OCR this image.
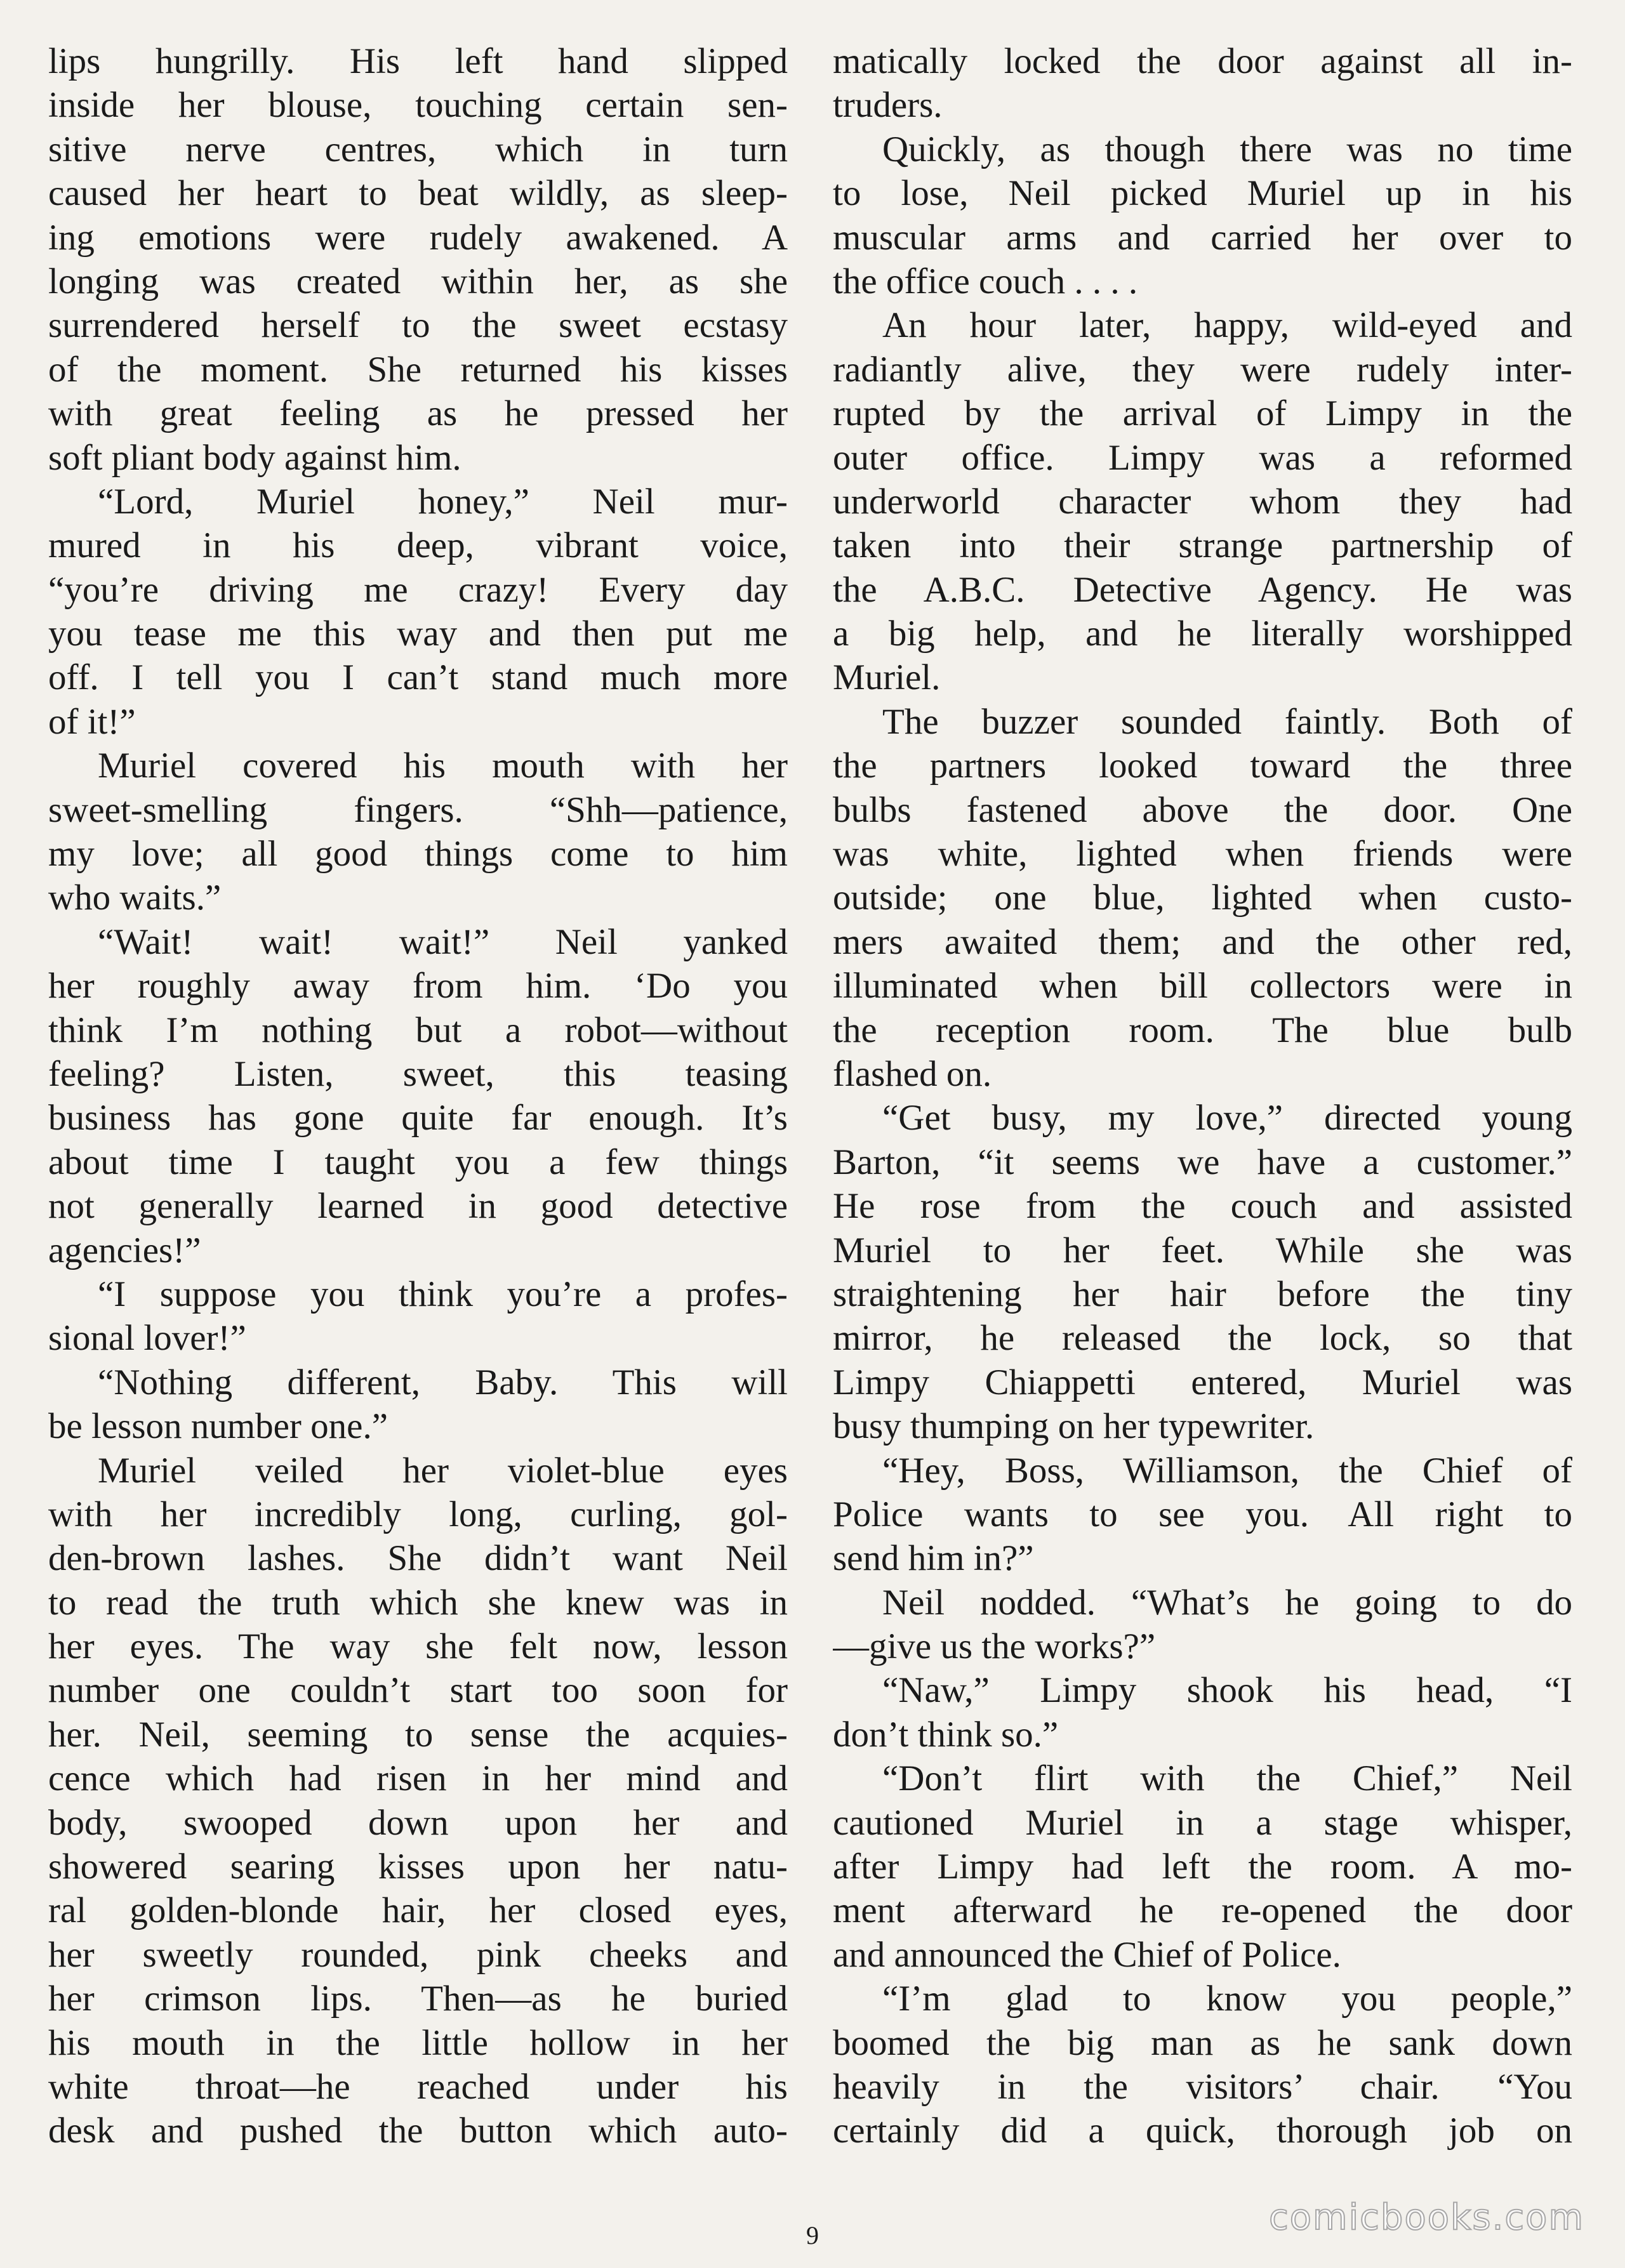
lips hungrilly. His left hand slipped
inside her blouse, touching certain sen-
sitive nerve centres, which in turn
caused her heart to beat wildly, as sleep-
ing emotions were rudely awakened. A
longing was created within her, as she
surrendered herself to the sweet ecstasy
of the moment. She returned his kisses
with great feeling as he pressed her
soft pliant body against him.
“Lord, Muriel honey,” Neil mur-
mured in his deep, vibrant voice,
“you’re driving me crazy! Every day
you tease me this way and then put me
off. I tell you I can’t stand much more
of it!”
Muriel covered his mouth with her
sweet-smelling fingers. “Shh—patience,
my love; all good things come to him
who waits.”
“Wait! wait! wait!” Neil yanked
her roughly away from him. ‘Do you
think I’m nothing but a robot—without
feeling? Listen, sweet, this teasing
business has gone quite far enough. It’s
about time I taught you a few things
not generally learned in good detective
agencies!”
“I suppose you think you’re a profes-
sional lover!”
“Nothing different, Baby. This will
be lesson number one.”
Muriel veiled her violet-blue eyes
with her incredibly long, curling, gol-
den-brown lashes. She didn’t want Neil
to read the truth which she knew was in
her eyes. The way she felt now, lesson
number one couldn’t start too soon for
her. Neil, seeming to sense the acquies-
cence which had risen in her mind and
body, swooped down upon her and
showered searing kisses upon her natu-
ral golden-blonde hair, her closed eyes,
her sweetly rounded, pink cheeks and
her crimson lips. Then—as he buried
his mouth in the little hollow in her
white throat—he reached under his
desk and pushed the button which auto-
matically locked the door against all in-
truders.
Quickly, as though there was no time
to lose, Neil picked Muriel up in his
muscular arms and carried her over to
the office couch . . . .
An hour later, happy, wild-eyed and
radiantly alive, they were rudely inter-
rupted by the arrival of Limpy in the
outer office. Limpy was a reformed
underworld character whom they had
taken into their strange partnership of
the A.B.C. Detective Agency. He was
a big help, and he literally worshipped
Muriel.
The buzzer sounded faintly. Both of
the partners looked toward the three
bulbs fastened above the door. One
was white, lighted when friends were
outside; one blue, lighted when custo-
mers awaited them; and the other red,
illuminated when bill collectors were in
the reception room. The blue bulb
flashed on.
“Get busy, my love,” directed young
Barton, “it seems we have a customer.”
He rose from the couch and assisted
Muriel to her feet. While she was
straightening her hair before the tiny
mirror, he released the lock, so that
Limpy Chiappetti entered, Muriel was
busy thumping on her typewriter.
“Hey, Boss, Williamson, the Chief of
Police wants to see you. All right to
send him in?”
Neil nodded. “What’s he going to do
—give us the works?”
“Naw,” Limpy shook his head, “I
don’t think so.”
“Don’t flirt with the Chief,” Neil
cautioned Muriel in a stage whisper,
after Limpy had left the room. A mo-
ment afterward he re-opened the door
and announced the Chief of Police.
“I’m glad to know you people,”
boomed the big man as he sank down
heavily in the visitors’ chair. “You
certainly did a quick, thorough job on
9	comicbooks.com
